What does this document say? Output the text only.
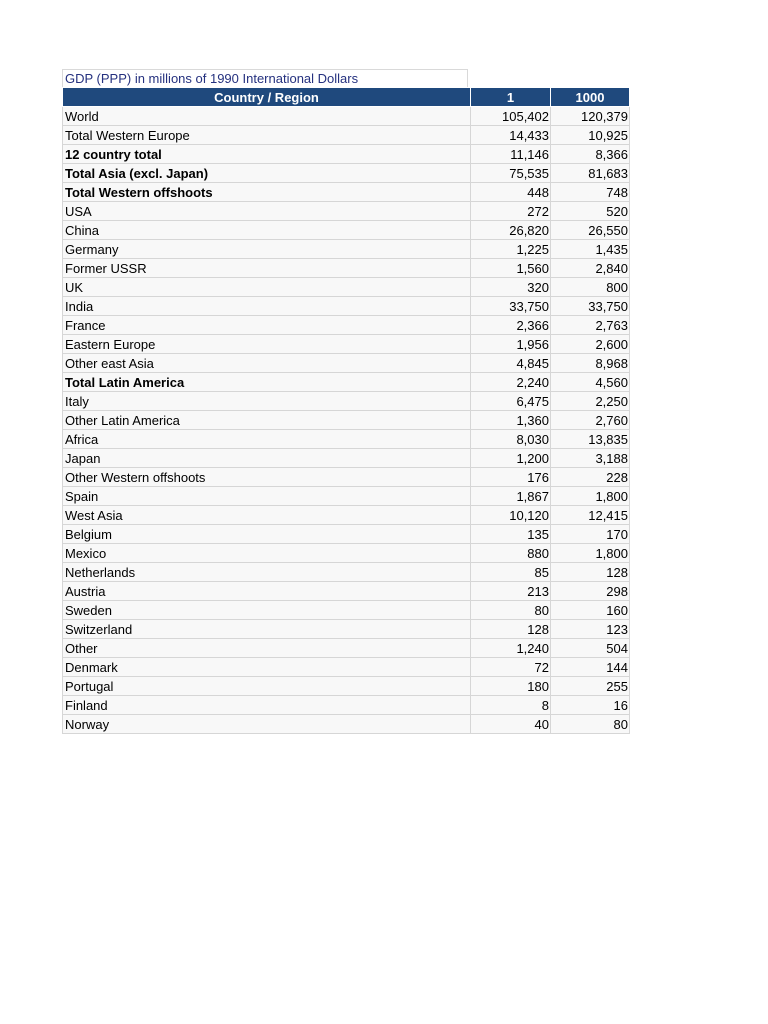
GDP (PPP) in millions of 1990 International Dollars
Country / Region	1	1000
World	105,402	120,379
Total Western Europe	14,433	10,925
12 country total	11,146	8,366
Total Asia (excl. Japan)	75,535	81,683
Total Western offshoots	448	748
USA	272	520
China	26,820	26,550
Germany	1,225	1,435
Former USSR	1,560	2,840
UK	320	800
India	33,750	33,750
France	2,366	2,763
Eastern Europe	1,956	2,600
Other east Asia	4,845	8,968
Total Latin America	2,240	4,560
Italy	6,475	2,250
Other Latin America	1,360	2,760
Africa	8,030	13,835
Japan	1,200	3,188
Other Western offshoots	176	228
Spain	1,867	1,800
West Asia	10,120	12,415
Belgium	135	170
Mexico	880	1,800
Netherlands	85	128
Austria	213	298
Sweden	80	160
Switzerland	128	123
Other	1,240	504
Denmark	72	144
Portugal	180	255
Finland	8	16
Norway	40	80
